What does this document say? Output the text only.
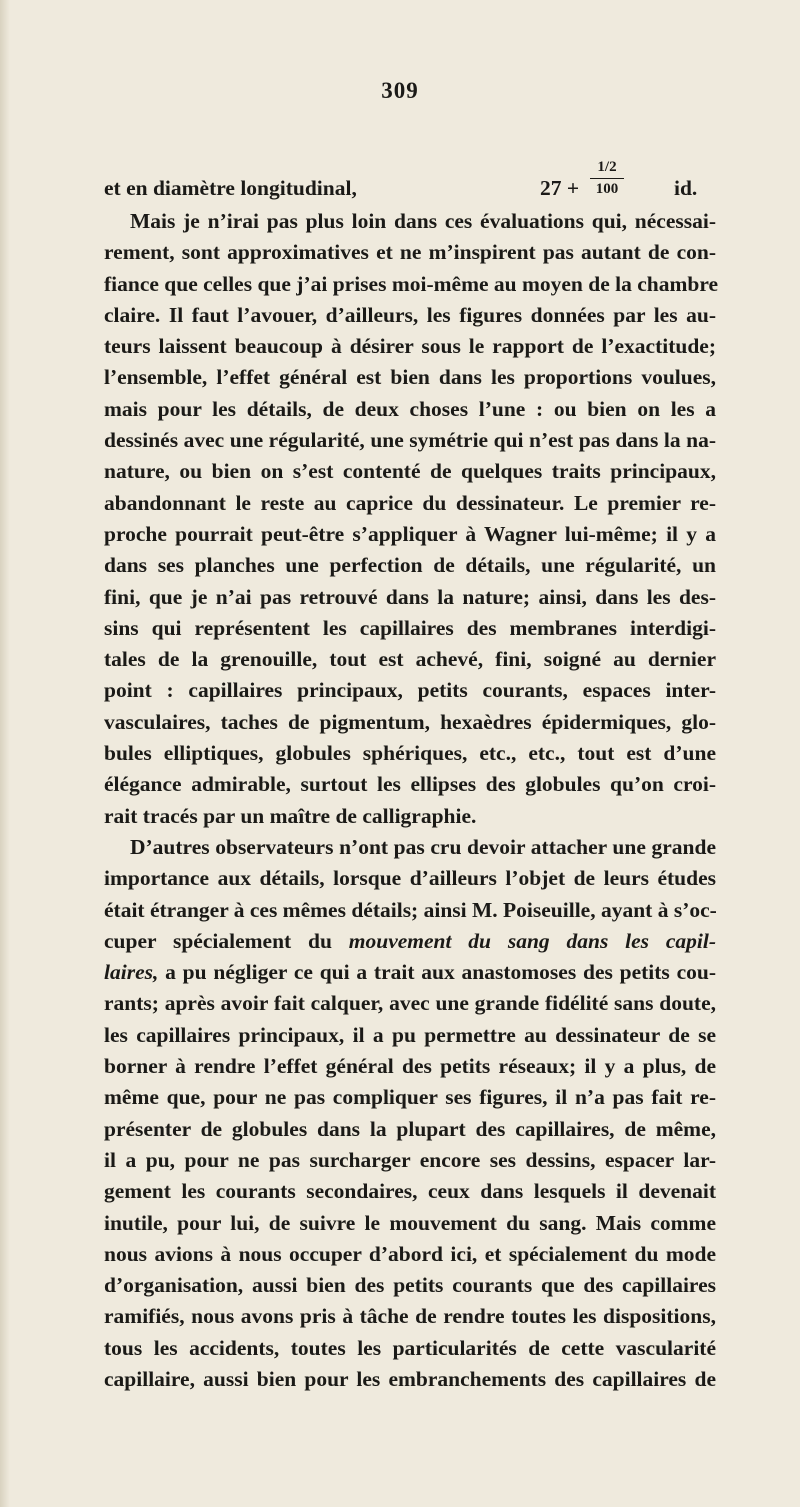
309
et en diamètre longitudinal,	27 +
1/2
100	id.
Mais je n’irai pas plus loin dans ces évaluations qui, nécessai-
rement, sont approximatives et ne m’inspirent pas autant de con-
fiance que celles que j’ai prises moi-même au moyen de la chambre
claire. Il faut l’avouer, d’ailleurs, les figures données par les au-
teurs laissent beaucoup à désirer sous le rapport de l’exactitude;
l’ensemble, l’effet général est bien dans les proportions voulues,
mais pour les détails, de deux choses l’une : ou bien on les a
dessinés avec une régularité, une symétrie qui n’est pas dans la na-
nature, ou bien on s’est contenté de quelques traits principaux,
abandonnant le reste au caprice du dessinateur. Le premier re-
proche pourrait peut-être s’appliquer à Wagner lui-même; il y a
dans ses planches une perfection de détails, une régularité, un
fini, que je n’ai pas retrouvé dans la nature; ainsi, dans les des-
sins qui représentent les capillaires des membranes interdigi-
tales de la grenouille, tout est achevé, fini, soigné au dernier
point : capillaires principaux, petits courants, espaces inter-
vasculaires, taches de pigmentum, hexaèdres épidermiques, glo-
bules elliptiques, globules sphériques, etc., etc., tout est d’une
élégance admirable, surtout les ellipses des globules qu’on croi-
rait tracés par un maître de calligraphie.
D’autres observateurs n’ont pas cru devoir attacher une grande
importance aux détails, lorsque d’ailleurs l’objet de leurs études
était étranger à ces mêmes détails; ainsi M. Poiseuille, ayant à s’oc-
cuper spécialement du mouvement du sang dans les capil-
laires, a pu négliger ce qui a trait aux anastomoses des petits cou-
rants; après avoir fait calquer, avec une grande fidélité sans doute,
les capillaires principaux, il a pu permettre au dessinateur de se
borner à rendre l’effet général des petits réseaux; il y a plus, de
même que, pour ne pas compliquer ses figures, il n’a pas fait re-
présenter de globules dans la plupart des capillaires, de même,
il a pu, pour ne pas surcharger encore ses dessins, espacer lar-
gement les courants secondaires, ceux dans lesquels il devenait
inutile, pour lui, de suivre le mouvement du sang. Mais comme
nous avions à nous occuper d’abord ici, et spécialement du mode
d’organisation, aussi bien des petits courants que des capillaires
ramifiés, nous avons pris à tâche de rendre toutes les dispositions,
tous les accidents, toutes les particularités de cette vascularité
capillaire, aussi bien pour les embranchements des capillaires de
